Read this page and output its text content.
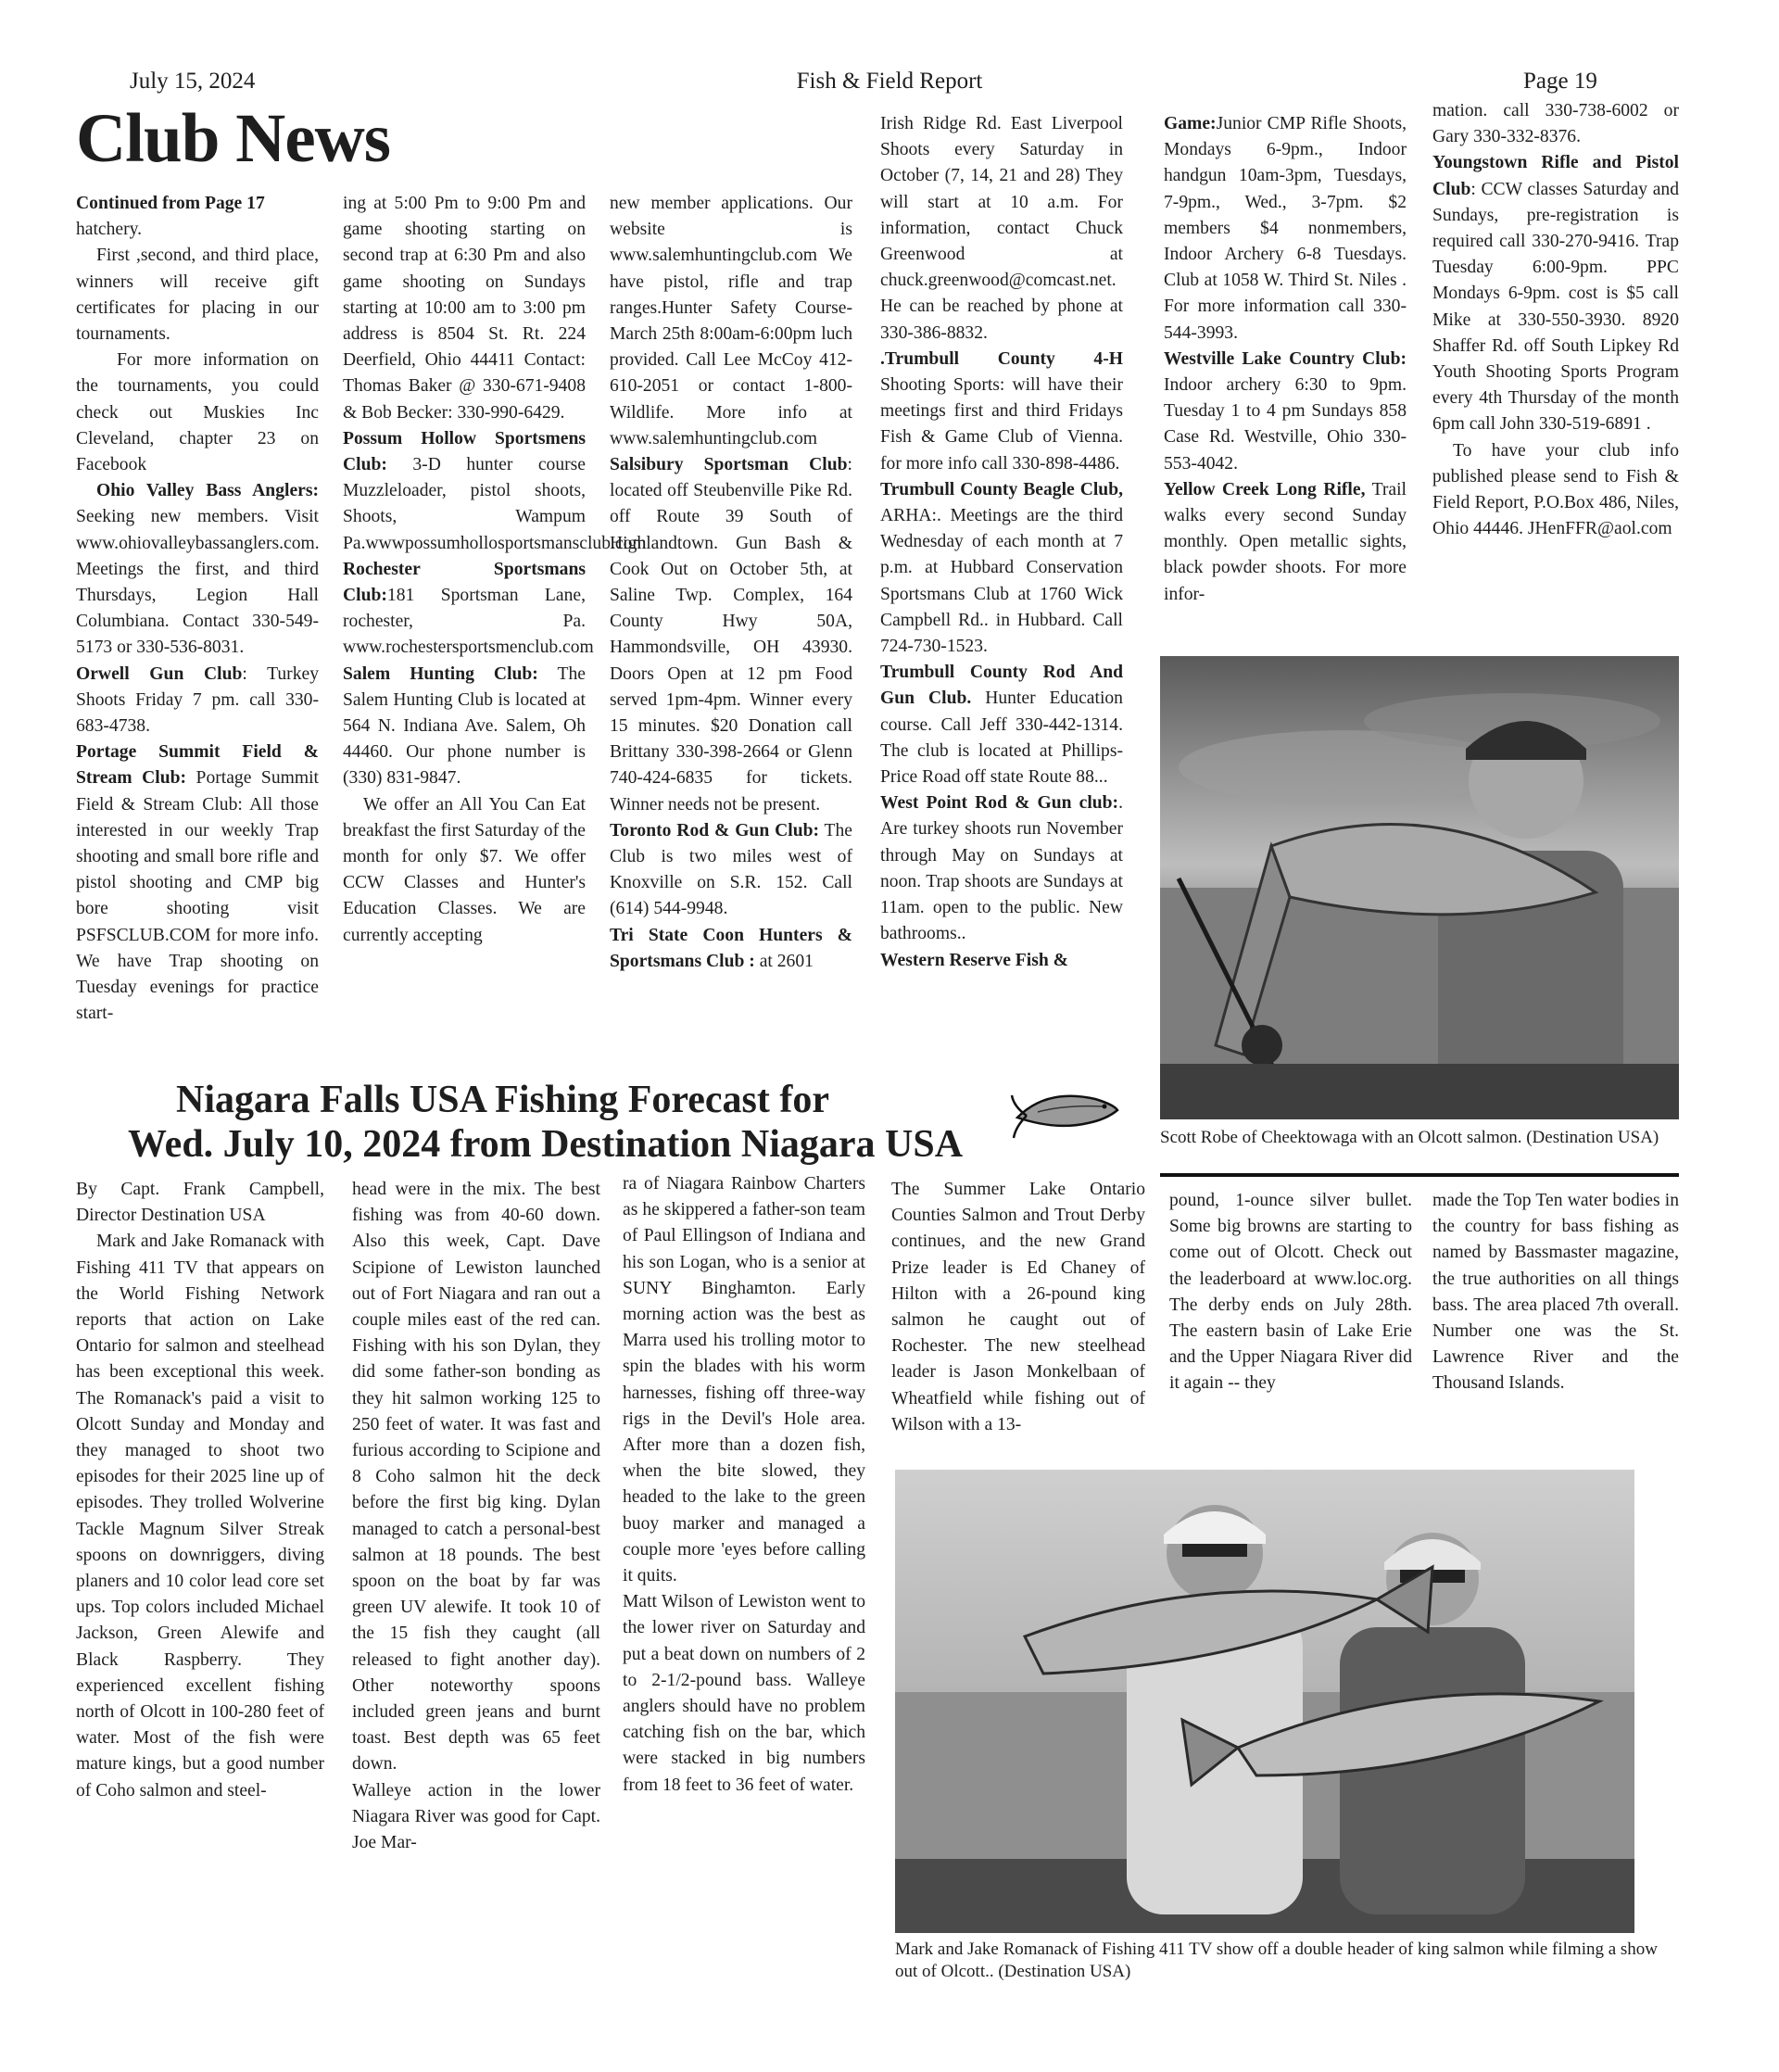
July 15, 2024	Fish & Field Report	Page 19
Club News

Continued from Page 17

hatchery.

First ,second, and third place, winners will receive gift certificates for placing in our tournaments.

For more information on the tournaments, you could check out Muskies Inc Cleveland, chapter 23 on Facebook

Ohio Valley Bass Anglers: Seeking new members. Visit www.ohiovalleybassanglers.com. Meetings the first, and third Thursdays, Legion Hall Columbiana. Contact 330-549-5173 or 330-536-8031.

Orwell Gun Club: Turkey Shoots Friday 7 pm. call 330-683-4738.

Portage Summit Field & Stream Club: Portage Summit Field & Stream Club: All those interested in our weekly Trap shooting and small bore rifle and pistol shooting and CMP big bore shooting visit PSFSCLUB.COM for more info. We have Trap shooting on Tuesday evenings for practice start-

ing at 5:00 Pm to 9:00 Pm and game shooting starting on second trap at 6:30 Pm and also game shooting on Sundays starting at 10:00 am to 3:00 pm address is 8504 St. Rt. 224 Deerfield, Ohio 44411 Contact: Thomas Baker @ 330-671-9408 & Bob Becker: 330-990-6429.

Possum Hollow Sportsmens Club: 3-D hunter course Muzzleloader, pistol shoots, Shoots, Wampum Pa.wwwpossumhollosportsmansclub.com

Rochester Sportsmans Club:181 Sportsman Lane, rochester, Pa. www.rochestersportsmenclub.com

Salem Hunting Club: The Salem Hunting Club is located at 564 N. Indiana Ave. Salem, Oh 44460. Our phone number is (330) 831-9847.

We offer an All You Can Eat breakfast the first Saturday of the month for only $7. We offer CCW Classes and Hunter's Education Classes. We are currently accepting

new member applications. Our website is www.salemhuntingclub.com We have pistol, rifle and trap ranges.Hunter Safety Course-March 25th 8:00am-6:00pm luch provided. Call Lee McCoy 412-610-2051 or contact 1-800-Wildlife. More info at www.salemhuntingclub.com

Salsibury Sportsman Club: located off Steubenville Pike Rd. off Route 39 South of Highlandtown. Gun Bash & Cook Out on October 5th, at Saline Twp. Complex, 164 County Hwy 50A, Hammondsville, OH 43930. Doors Open at 12 pm Food served 1pm-4pm. Winner every 15 minutes. $20 Donation call Brittany 330-398-2664 or Glenn 740-424-6835 for tickets. Winner needs not be present.

Toronto Rod & Gun Club: The Club is two miles west of Knoxville on S.R. 152. Call (614) 544-9948.

Tri State Coon Hunters & Sportsmans Club : at 2601

Irish Ridge Rd. East Liverpool Shoots every Saturday in October (7, 14, 21 and 28) They will start at 10 a.m. For information, contact Chuck Greenwood at chuck.greenwood@comcast.net. He can be reached by phone at 330-386-8832.

.Trumbull County 4-H Shooting Sports: will have their meetings first and third Fridays Fish & Game Club of Vienna. for more info call 330-898-4486.

Trumbull County Beagle Club, ARHA:. Meetings are the third Wednesday of each month at 7 p.m. at Hubbard Conservation Sportsmans Club at 1760 Wick Campbell Rd.. in Hubbard. Call 724-730-1523.

Trumbull County Rod And Gun Club. Hunter Education course. Call Jeff 330-442-1314. The club is located at Phillips-Price Road off state Route 88...

West Point Rod & Gun club:. Are turkey shoots run November through May on Sundays at noon. Trap shoots are Sundays at 11am. open to the public. New bathrooms..

Western Reserve Fish &

Game:Junior CMP Rifle Shoots, Mondays 6-9pm., Indoor handgun 10am-3pm, Tuesdays, 7-9pm., Wed., 3-7pm. $2 members $4 nonmembers, Indoor Archery 6-8 Tuesdays. Club at 1058 W. Third St. Niles . For more information call 330-544-3993.

Westville Lake Country Club: Indoor archery 6:30 to 9pm. Tuesday 1 to 4 pm Sundays 858 Case Rd. Westville, Ohio 330-553-4042.

Yellow Creek Long Rifle, Trail walks every second Sunday monthly. Open metallic sights, black powder shoots. For more infor-

mation. call 330-738-6002 or Gary 330-332-8376.

Youngstown Rifle and Pistol Club: CCW classes Saturday and Sundays, pre-registration is required call 330-270-9416. Trap Tuesday 6:00-9pm. PPC Mondays 6-9pm. cost is $5 call Mike at 330-550-3930. 8920 Shaffer Rd. off South Lipkey Rd Youth Shooting Sports Program every 4th Thursday of the month 6pm call John 330-519-6891 .

To have your club info published please send to Fish & Field Report, P.O.Box 486, Niles, Ohio 44446. JHenFFR@aol.com

Scott Robe of Cheektowaga with an Olcott salmon. (Destination USA)
Niagara Falls USA Fishing Forecast for
Wed. July 10, 2024 from Destination Niagara USA

By Capt. Frank Campbell, Director Destination USA

Mark and Jake Romanack with Fishing 411 TV that appears on the World Fishing Network reports that action on Lake Ontario for salmon and steelhead has been exceptional this week. The Romanack's paid a visit to Olcott Sunday and Monday and they managed to shoot two episodes for their 2025 line up of episodes. They trolled Wolverine Tackle Magnum Silver Streak spoons on downriggers, diving planers and 10 color lead core set ups. Top colors included Michael Jackson, Green Alewife and Black Raspberry. They experienced excellent fishing north of Olcott in 100-280 feet of water. Most of the fish were mature kings, but a good number of Coho salmon and steel-

head were in the mix. The best fishing was from 40-60 down. Also this week, Capt. Dave Scipione of Lewiston launched out of Fort Niagara and ran out a couple miles east of the red can. Fishing with his son Dylan, they did some father-son bonding as they hit salmon working 125 to 250 feet of water. It was fast and furious according to Scipione and 8 Coho salmon hit the deck before the first big king. Dylan managed to catch a personal-best salmon at 18 pounds. The best spoon on the boat by far was green UV alewife. It took 10 of the 15 fish they caught (all released to fight another day). Other noteworthy spoons included green jeans and burnt toast. Best depth was 65 feet down.

Walleye action in the lower Niagara River was good for Capt. Joe Mar-

ra of Niagara Rainbow Charters as he skippered a father-son team of Paul Ellingson of Indiana and his son Logan, who is a senior at SUNY Binghamton. Early morning action was the best as Marra used his trolling motor to spin the blades with his worm harnesses, fishing off three-way rigs in the Devil's Hole area. After more than a dozen fish, when the bite slowed, they headed to the lake to the green buoy marker and managed a couple more 'eyes before calling it quits.

Matt Wilson of Lewiston went to the lower river on Saturday and put a beat down on numbers of 2 to 2-1/2-pound bass. Walleye anglers should have no problem catching fish on the bar, which were stacked in big numbers from 18 feet to 36 feet of water.

The Summer Lake Ontario Counties Salmon and Trout Derby continues, and the new Grand Prize leader is Ed Chaney of Hilton with a 26-pound king salmon he caught out of Rochester. The new steelhead leader is Jason Monkelbaan of Wheatfield while fishing out of Wilson with a 13-

pound, 1-ounce silver bullet. Some big browns are starting to come out of Olcott. Check out the leaderboard at www.loc.org. The derby ends on July 28th. The eastern basin of Lake Erie and the Upper Niagara River did it again -- they

made the Top Ten water bodies in the country for bass fishing as named by Bassmaster magazine, the true authorities on all things bass. The area placed 7th overall. Number one was the St. Lawrence River and the Thousand Islands.

Mark and Jake Romanack of Fishing 411 TV show off a double header of king salmon while filming a show out of Olcott.. (Destination USA)
